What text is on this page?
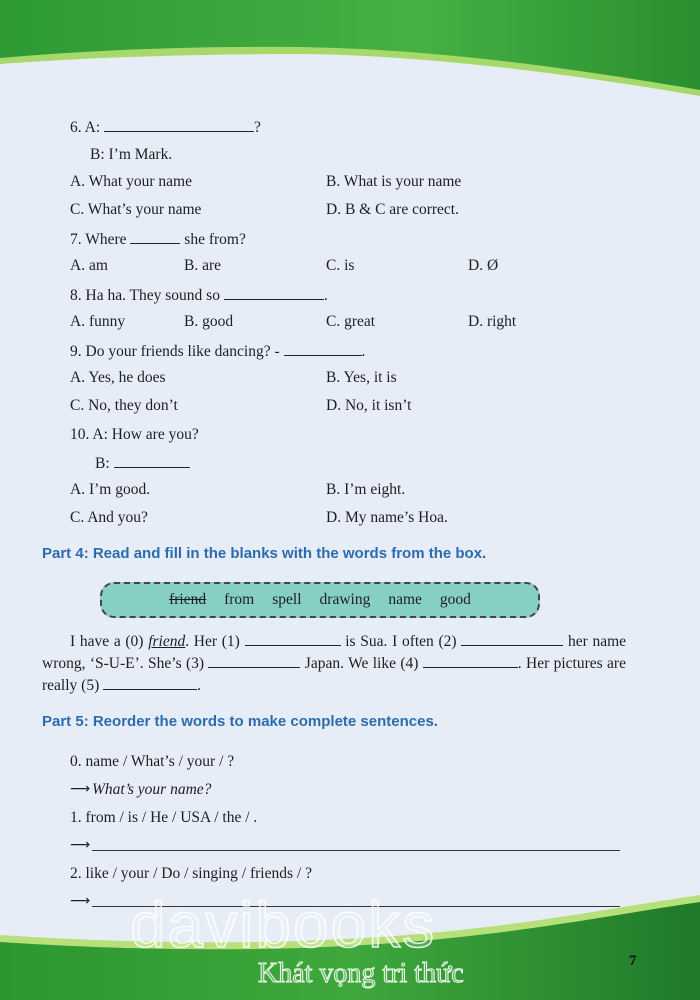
6. A:	?
B: I’m Mark.
A. What your name	B. What is your name
C. What’s your name	D. B & C are correct.
7. Where	she from?
A. am	B. are	C. is	D. Ø
8. Ha ha. They sound so	.
A. funny	B. good	C. great	D. right
9. Do your friends like dancing? -	.
A. Yes, he does	B. Yes, it is
C. No, they don’t	D. No, it isn’t
10. A: How are you?
B:
A. I’m good.	B. I’m eight.
C. And you?	D. My name’s Hoa.
Part 4: Read and fill in the blanks with the words from the box.
friend from spell drawing name good
I have a (0) friend. Her (1)	is Sua. I often (2)	her name wrong, ‘S-U-E’. She’s (3)	Japan. We like (4)	. Her pictures are really (5)	.
Part 5: Reorder the words to make complete sentences.
0. name / What’s / your / ?
⟶ What’s your name?
1. from / is / He / USA / the / .
⟶
2. like / your / Do / singing / friends / ?
⟶ davibooks
Khát vọng tri thức	7
